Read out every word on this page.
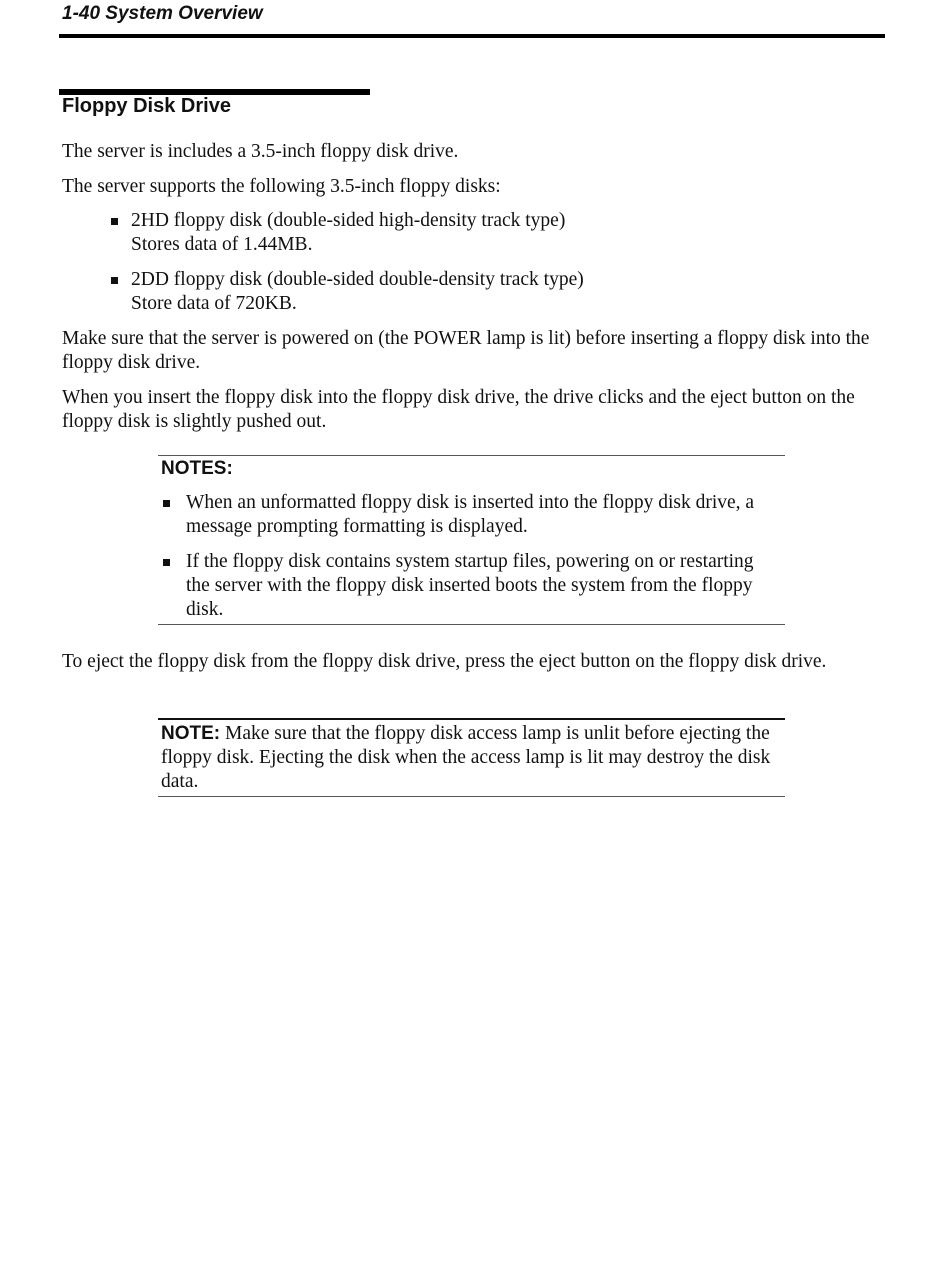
1-40 System Overview
Floppy Disk Drive

The server is includes a 3.5-inch floppy disk drive.

The server supports the following 3.5-inch floppy disks:

2HD floppy disk (double-sided high-density track type)
Stores data of 1.44MB.
2DD floppy disk (double-sided double-density track type)
Store data of 720KB.

Make sure that the server is powered on (the POWER lamp is lit) before inserting a floppy disk into the floppy disk drive.

When you insert the floppy disk into the floppy disk drive, the drive clicks and the eject button on the floppy disk is slightly pushed out.

NOTES:
When an unformatted floppy disk is inserted into the floppy disk drive, a message prompting formatting is displayed.
If the floppy disk contains system startup files, powering on or restarting the server with the floppy disk inserted boots the system from the floppy disk.

To eject the floppy disk from the floppy disk drive, press the eject button on the floppy disk drive.

NOTE: Make sure that the floppy disk access lamp is unlit before ejecting the floppy disk. Ejecting the disk when the access lamp is lit may destroy the disk data.
